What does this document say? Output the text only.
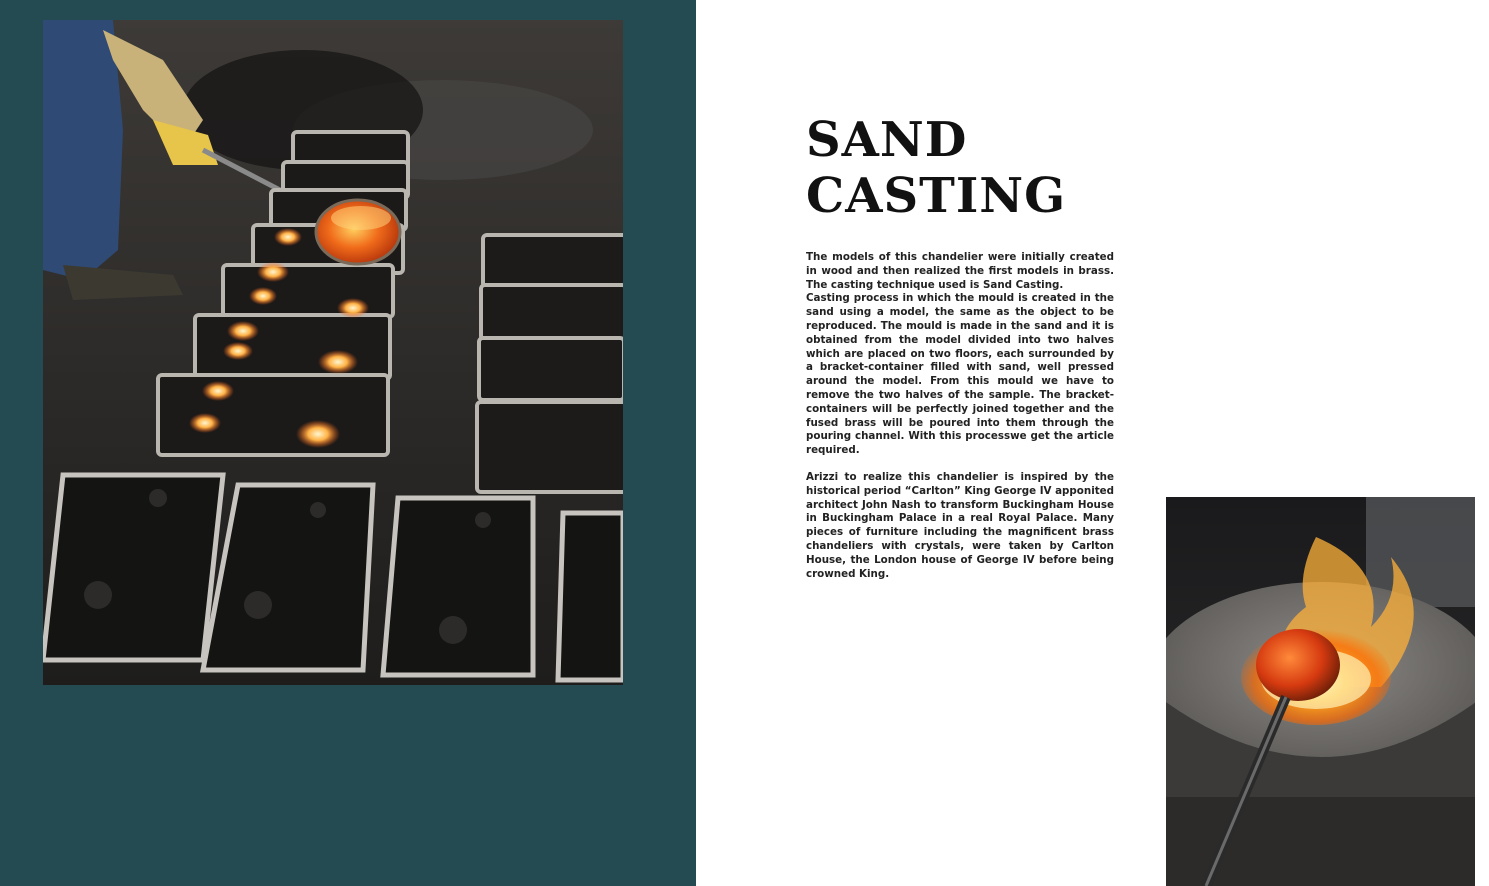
SAND
CASTING

The models of this chandelier were initially created in wood and then realized the first models in brass. The casting technique used is Sand Casting.

Casting process in which the mould is created in the sand using a model, the same as the object to be reproduced. The mould is made in the sand and it is obtained from the model divided into two halves which are placed on two floors, each surrounded by a bracket-container filled with sand, well pressed around the model. From this mould we have to remove the two halves of the sample. The bracket-containers will be perfectly joined together and the fused brass will be poured into them through the pouring channel. With this processwe get the article required.

Arizzi to realize this chandelier is inspired by the historical period “Carlton” King George IV apponited architect John Nash to transform Buckingham House in Buckingham Palace in a real Royal Palace. Many pieces of furniture including the magnificent brass chandeliers with crystals, were taken by Carlton House, the London house of George IV before being crowned King.
